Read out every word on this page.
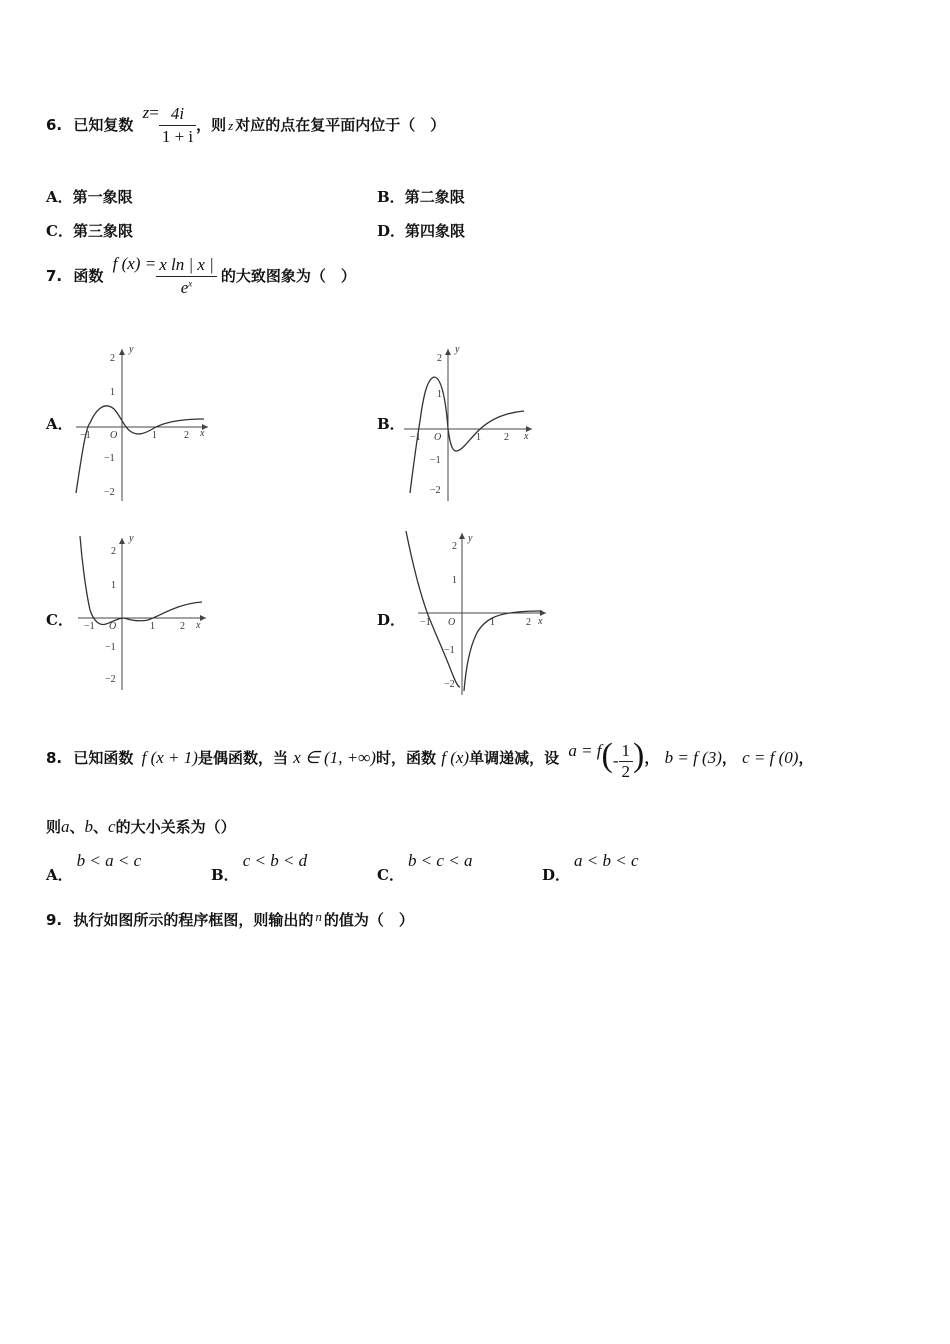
6. 已知复数 $z= \frac{4i}{1 + i}$ ，则 z 对应的点在复平面内位于（　）
A．第一象限	B．第二象限
C．第三象限	D．第四象限
7. 函数 f $(x) = \frac{\text{x ln | x |}}{e^x}$ 的大致图象为（　）
A．
y
x
O
2
1
−1
−2
−1	1	2
B．
y
x
O
2
1
−1
−2
−1	1 2
C．
y
x
O
2
1
−1
−2
−1	1	2	D．
y
x
O
2
1
−1
−2
−1	1	2
8. 已知函数 f (x + 1)是偶函数，当 x ∈ (1, +∞)时，函数 f (x)单调递减，设 $a = f(- \frac{1}{2}$ )， b = f (3)， c = f (0)，
则a、b、c的大小关系为（）
A．b < a < c
B．c < b < d
C．b < c < a
D．a < b < c
9. 执行如图所示的程序框图，则输出的 n 的值为（　）
